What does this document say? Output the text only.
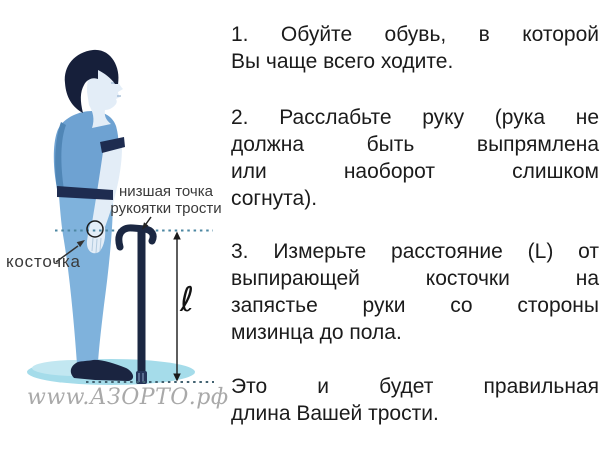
низшая точка
рукоятки трости
косточка
ℓ
www.АЗОРТО.рф
1. Обуйте обувь, в которой
Вы чаще всего ходите.
2. Расслабьте руку (рука не
должна быть выпрямлена
или наоборот слишком
согнута).
3. Измерьте расстояние (L) от
выпирающей косточки на
запястье руки со стороны
мизинца до пола.
Это и будет правильная
длина Вашей трости.
